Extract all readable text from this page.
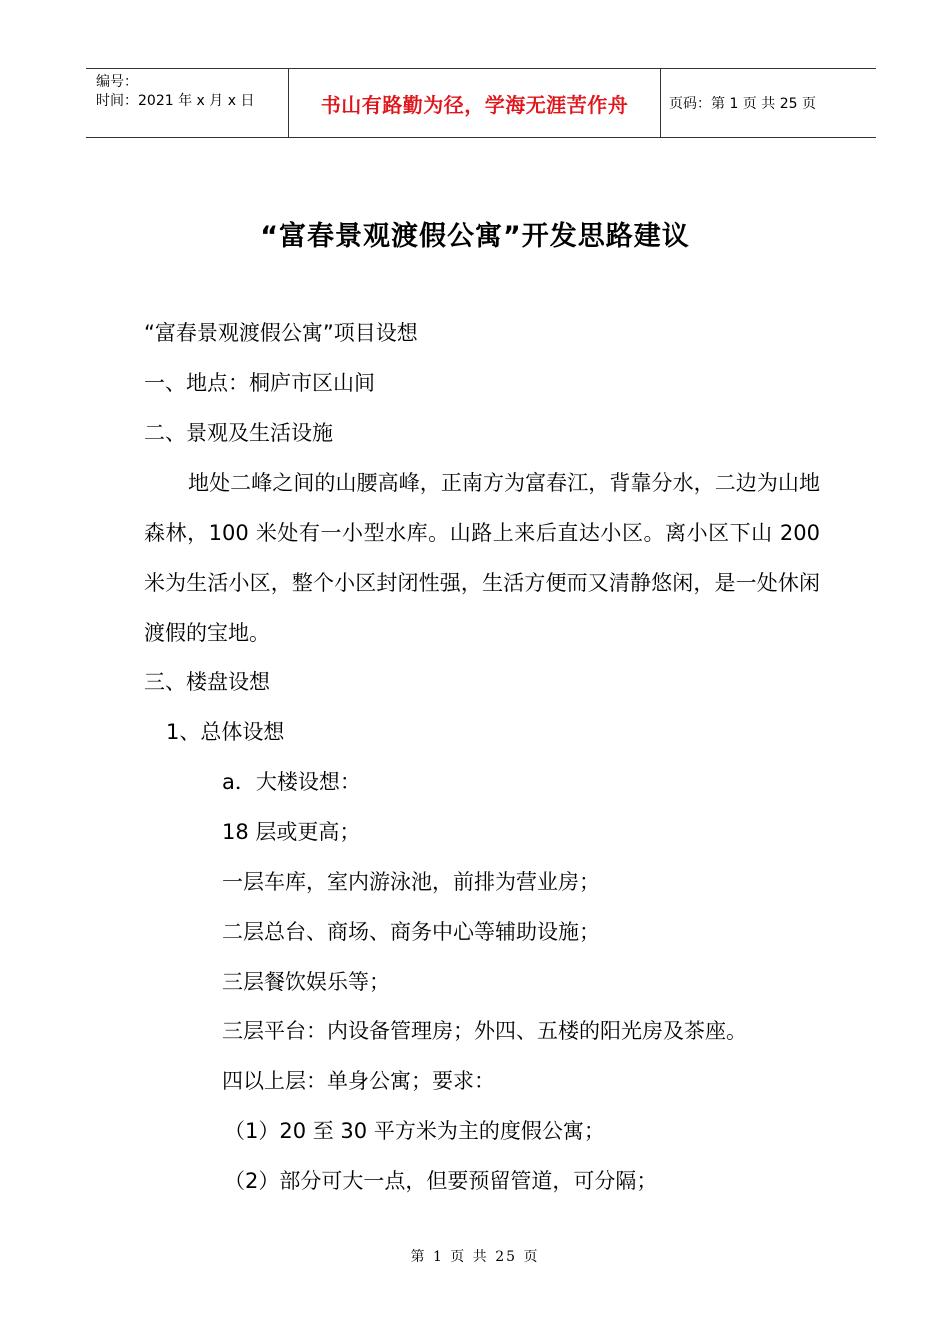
编号：
时间：2021 年 x 月 x 日	书山有路勤为径，学海无涯苦作舟	页码：第 1 页 共 25 页
“富春景观渡假公寓”开发思路建议
“富春景观渡假公寓”项目设想
一、地点：桐庐市区山间
二、景观及生活设施
地处二峰之间的山腰高峰，正南方为富春江，背靠分水，二边为山地森林，100 米处有一小型水库。山路上来后直达小区。离小区下山 200 米为生活小区，整个小区封闭性强，生活方便而又清静悠闲，是一处休闲渡假的宝地。
三、楼盘设想
1、总体设想
a．大楼设想：
18 层或更高；
一层车库，室内游泳池，前排为营业房；
二层总台、商场、商务中心等辅助设施；
三层餐饮娱乐等；
三层平台：内设备管理房；外四、五楼的阳光房及茶座。
四以上层：单身公寓；要求：
（1）20 至 30 平方米为主的度假公寓；
（2）部分可大一点，但要预留管道，可分隔；
第 1 页 共 25 页
